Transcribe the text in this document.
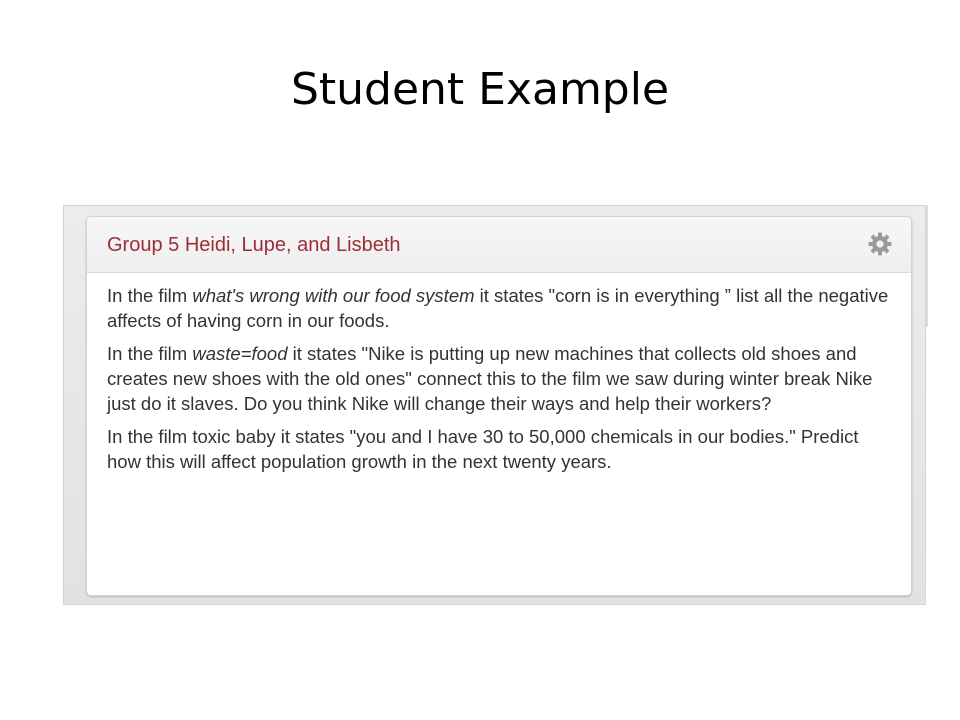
Student Example
Group 5 Heidi, Lupe, and Lisbeth

In the film what's wrong with our food system it states "corn is in everything ” list all the negative affects of having corn in our foods.

In the film waste=food it states "Nike is putting up new machines that collects old shoes and creates new shoes with the old ones" connect this to the film we saw during winter break Nike just do it slaves. Do you think Nike will change their ways and help their workers?

In the film toxic baby it states "you and I have 30 to 50,000 chemicals in our bodies." Predict how this will affect population growth in the next twenty years.
